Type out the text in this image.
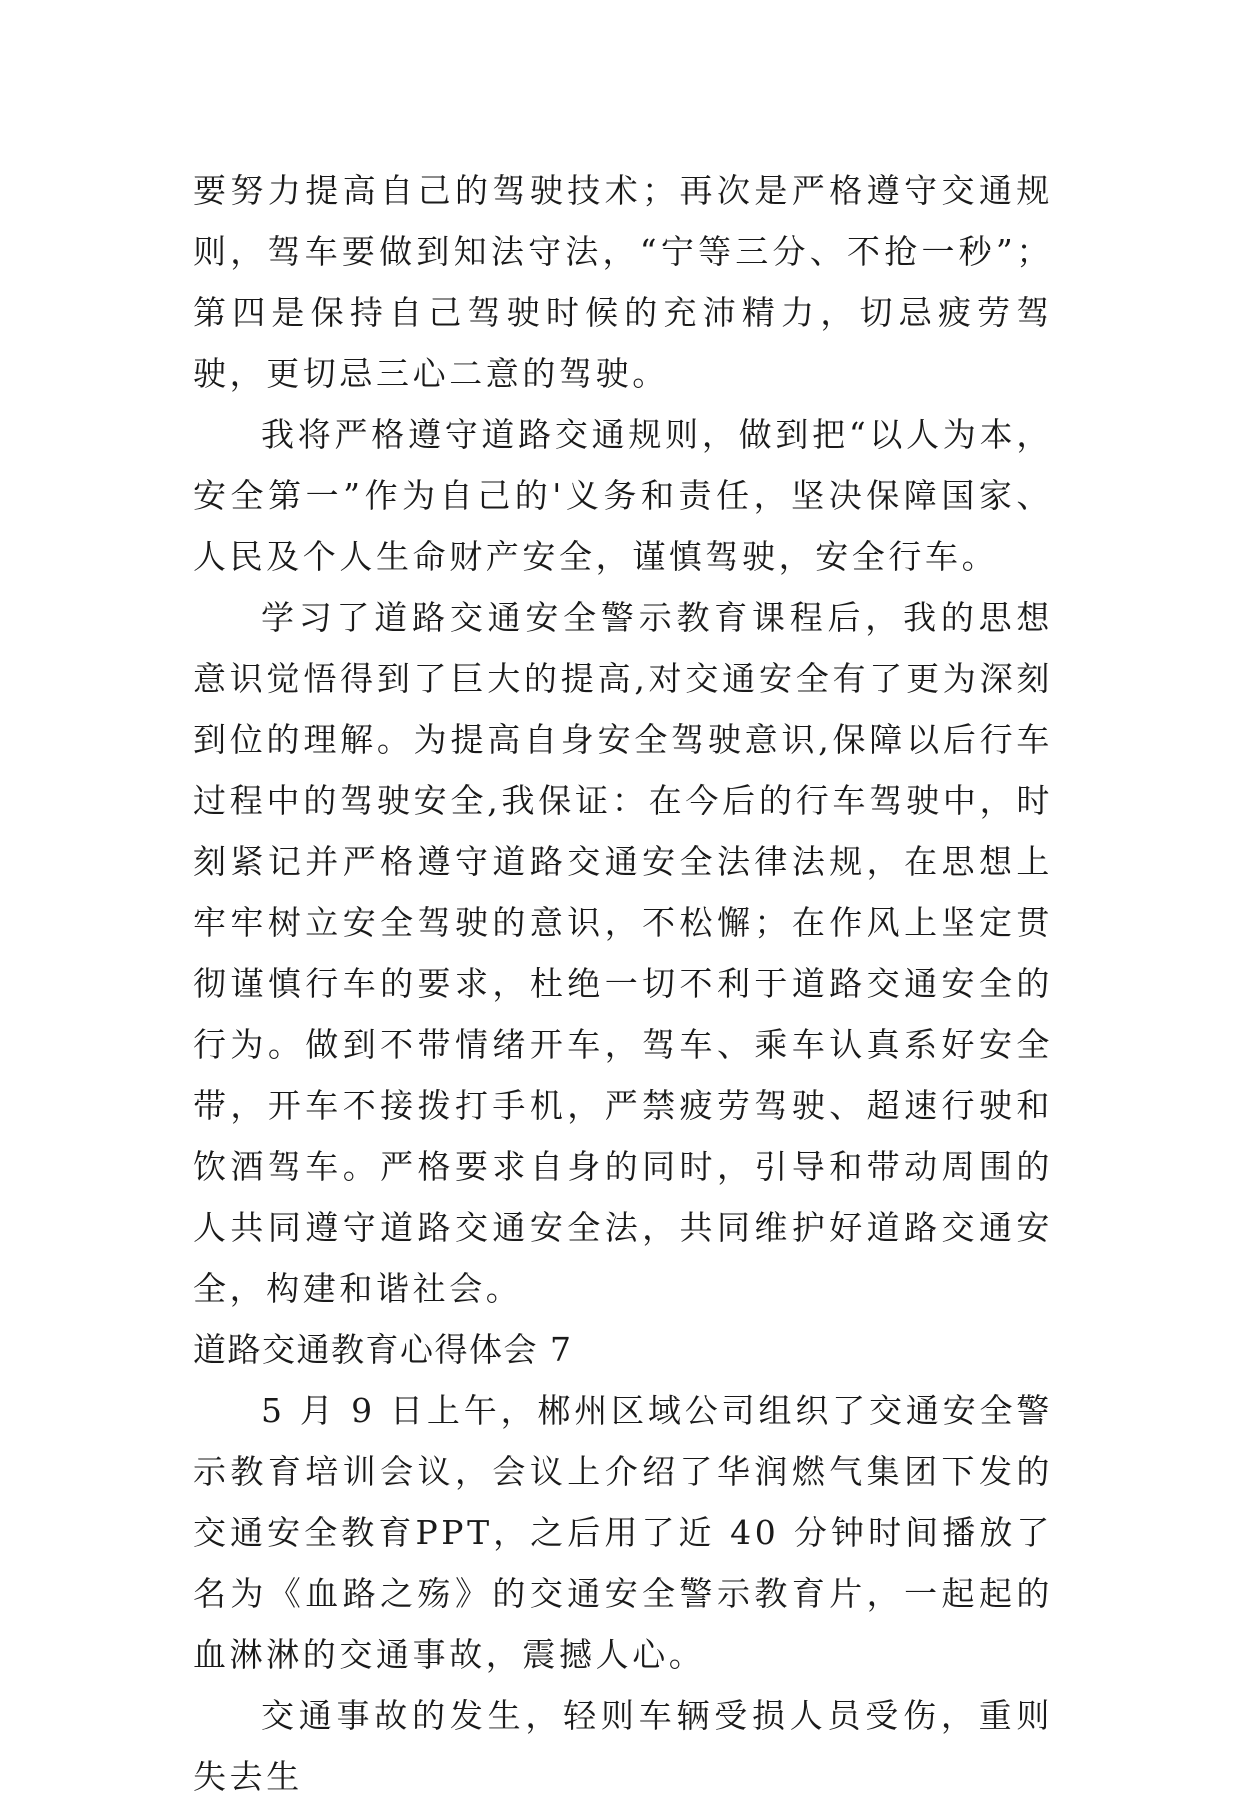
要努力提高自己的驾驶技术；再次是严格遵守交通规则，驾车要做到知法守法，“宁等三分、不抢一秒”；第四是保持自己驾驶时候的充沛精力，切忌疲劳驾驶，更切忌三心二意的驾驶。

我将严格遵守道路交通规则，做到把“以人为本，安全第一”作为自己的'义务和责任，坚决保障国家、人民及个人生命财产安全，谨慎驾驶，安全行车。

学习了道路交通安全警示教育课程后，我的思想意识觉悟得到了巨大的提高,对交通安全有了更为深刻到位的理解。为提高自身安全驾驶意识,保障以后行车过程中的驾驶安全,我保证：在今后的行车驾驶中，时刻紧记并严格遵守道路交通安全法律法规，在思想上牢牢树立安全驾驶的意识，不松懈；在作风上坚定贯彻谨慎行车的要求，杜绝一切不利于道路交通安全的行为。做到不带情绪开车，驾车、乘车认真系好安全带，开车不接拨打手机，严禁疲劳驾驶、超速行驶和饮酒驾车。严格要求自身的同时，引导和带动周围的人共同遵守道路交通安全法，共同维护好道路交通安全，构建和谐社会。

道路交通教育心得体会 7

5 月 9 日上午，郴州区域公司组织了交通安全警示教育培训会议，会议上介绍了华润燃气集团下发的交通安全教育PPT，之后用了近 40 分钟时间播放了名为《血路之殇》的交通安全警示教育片，一起起的血淋淋的交通事故，震撼人心。

交通事故的发生，轻则车辆受损人员受伤，重则失去生
